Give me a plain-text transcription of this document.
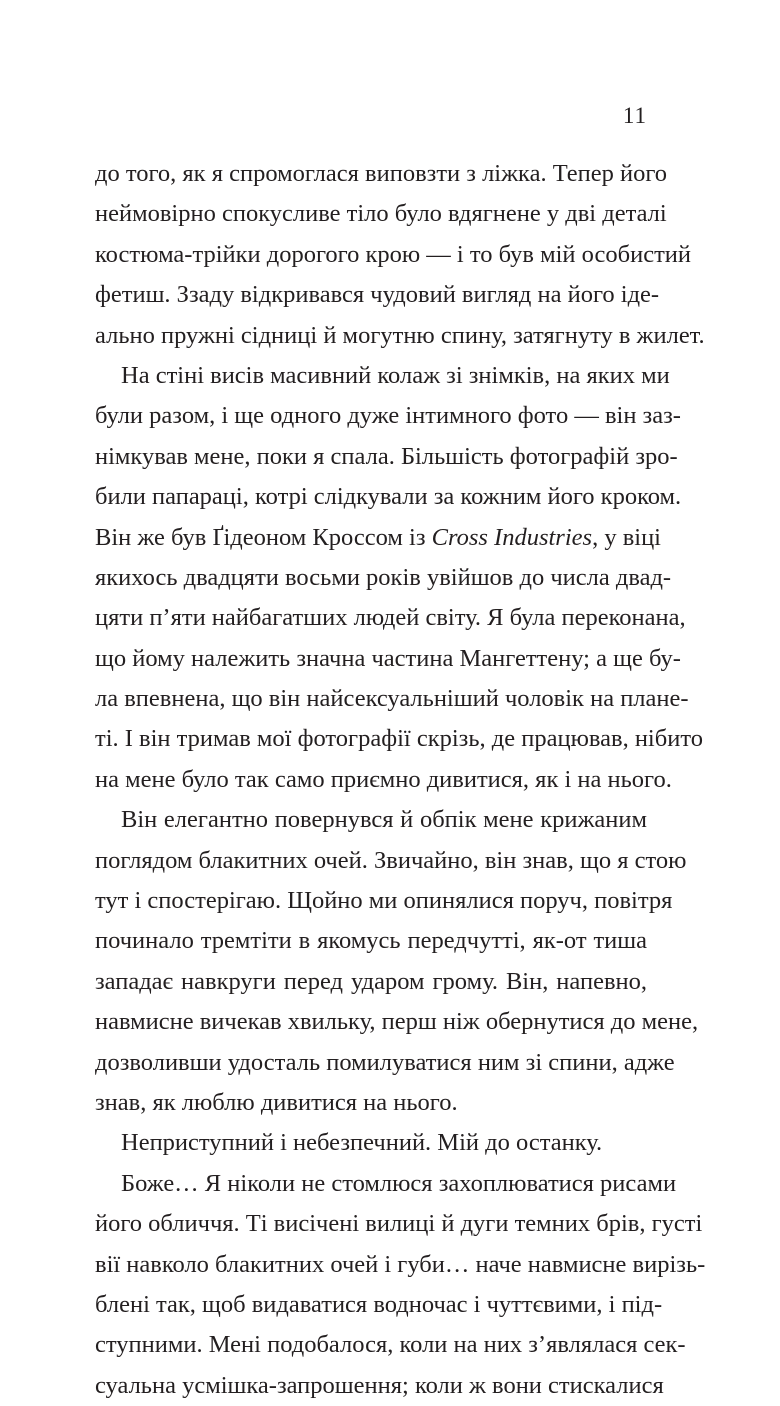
11
до того, як я спромоглася виповзти з ліжка. Тепер його
неймовірно спокусливе тіло було вдягнене у дві деталі
костюма-трійки дорогого крою — і то був мій особистий
фетиш. Ззаду відкривався чудовий вигляд на його іде-
ально пружні сідниці й могутню спину, затягнуту в жилет.
На стіні висів масивний колаж зі знімків, на яких ми
були разом, і ще одного дуже інтимного фото — він заз-
німкував мене, поки я спала. Більшість фотографій зро-
били папараці, котрі слідкували за кожним його кроком.
Він же був Ґідеоном Кроссом із Cross Industries, у віці
якихось двадцяти восьми років увійшов до числа двад-
цяти п’яти найбагатших людей світу. Я була переконана,
що йому належить значна частина Мангеттену; а ще бу-
ла впевнена, що він найсексуальніший чоловік на плане-
ті. І він тримав мої фотографії скрізь, де працював, нібито
на мене було так само приємно дивитися, як і на нього.
Він елегантно повернувся й обпік мене крижаним
поглядом блакитних очей. Звичайно, він знав, що я стою
тут і спостерігаю. Щойно ми опинялися поруч, повітря
починало тремтіти в якомусь передчутті, як-от тиша
западає навкруги перед ударом грому. Він, напевно,
навмисне вичекав хвильку, перш ніж обернутися до мене,
дозволивши удосталь помилуватися ним зі спини, адже
знав, як люблю дивитися на нього.
Неприступний і небезпечний. Мій до останку.
Боже… Я ніколи не стомлюся захоплюватися рисами
його обличчя. Ті висічені вилиці й дуги темних брів, густі
вії навколо блакитних очей і губи… наче навмисне вирізь-
блені так, щоб видаватися водночас і чуттєвими, і під-
ступними. Мені подобалося, коли на них з’являлася сек-
суальна усмішка-запрошення; коли ж вони стискалися
